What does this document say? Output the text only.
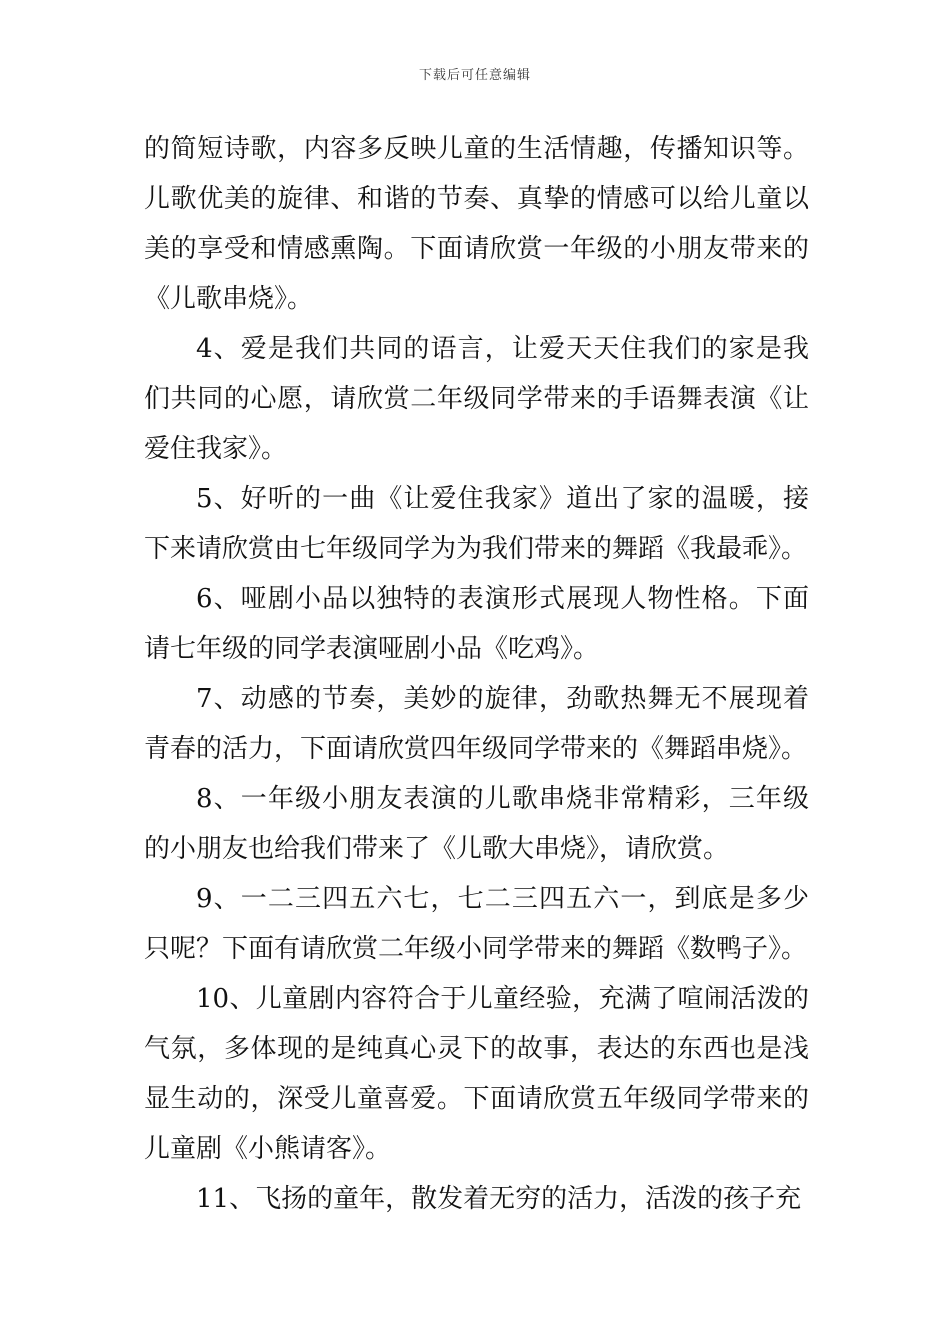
下载后可任意编辑

的简短诗歌，内容多反映儿童的生活情趣，传播知识等。儿歌优美的旋律、和谐的节奏、真挚的情感可以给儿童以美的享受和情感熏陶。下面请欣赏一年级的小朋友带来的《儿歌串烧》。

4、爱是我们共同的语言，让爱天天住我们的家是我们共同的心愿，请欣赏二年级同学带来的手语舞表演《让爱住我家》。

5、好听的一曲《让爱住我家》道出了家的温暖，接下来请欣赏由七年级同学为为我们带来的舞蹈《我最乖》。

6、哑剧小品以独特的表演形式展现人物性格。下面请七年级的同学表演哑剧小品《吃鸡》。

7、动感的节奏，美妙的旋律，劲歌热舞无不展现着青春的活力，下面请欣赏四年级同学带来的《舞蹈串烧》。

8、一年级小朋友表演的儿歌串烧非常精彩，三年级的小朋友也给我们带来了《儿歌大串烧》，请欣赏。

9、一二三四五六七，七二三四五六一，到底是多少只呢？下面有请欣赏二年级小同学带来的舞蹈《数鸭子》。

10、儿童剧内容符合于儿童经验，充满了喧闹活泼的气氛，多体现的是纯真心灵下的故事，表达的东西也是浅显生动的，深受儿童喜爱。下面请欣赏五年级同学带来的儿童剧《小熊请客》。

11、飞扬的童年，散发着无穷的活力，活泼的孩子充
